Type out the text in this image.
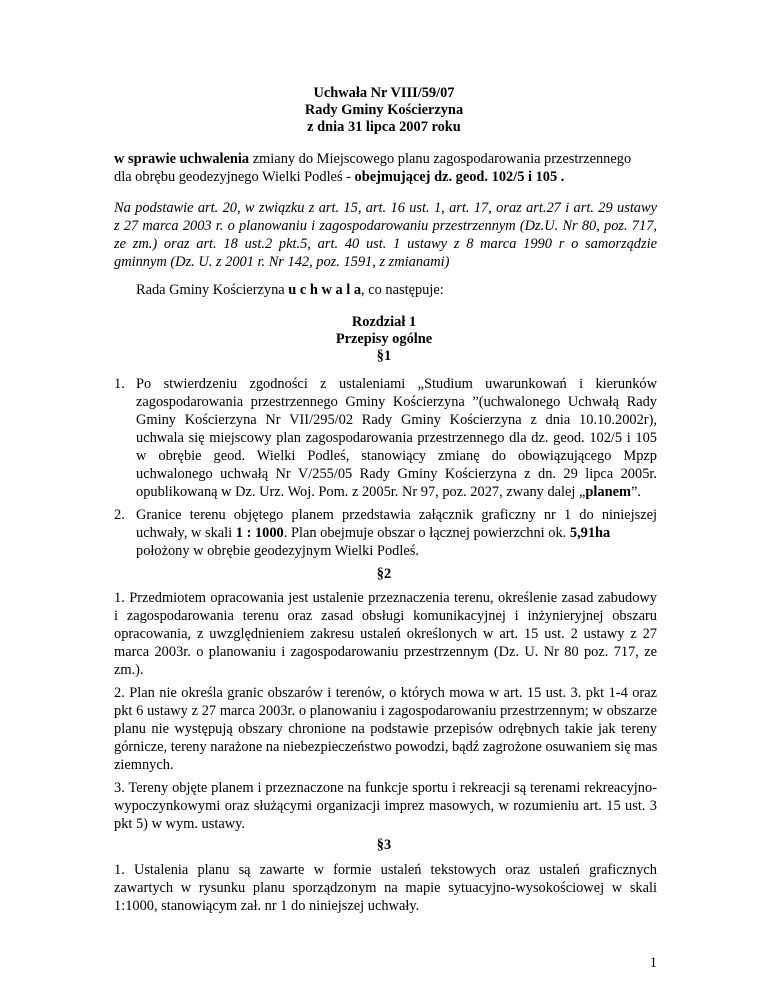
Uchwała Nr VIII/59/07
Rady Gminy Kościerzyna
z dnia 31 lipca 2007 roku
w sprawie uchwalenia zmiany do Miejscowego planu zagospodarowania przestrzennego
dla obrębu geodezyjnego Wielki Podleś - obejmującej dz. geod. 102/5 i 105 .
Na podstawie art. 20, w związku z art. 15, art. 16 ust. 1, art. 17, oraz art.27 i art. 29 ustawy
z 27 marca 2003 r. o planowaniu i zagospodarowaniu przestrzennym (Dz.U. Nr 80, poz. 717,
ze zm.) oraz art. 18 ust.2 pkt.5, art. 40 ust. 1 ustawy z 8 marca 1990 r o samorządzie
gminnym (Dz. U. z 2001 r. Nr 142, poz. 1591, z zmianami)
Rada Gminy Kościerzyna u c h w a l a, co następuje:
Rozdział 1
Przepisy ogólne
§1
1. Po stwierdzeniu zgodności z ustaleniami „Studium uwarunkowań i kierunków
zagospodarowania przestrzennego Gminy Kościerzyna ”(uchwalonego Uchwałą Rady
Gminy Kościerzyna Nr VII/295/02 Rady Gminy Kościerzyna z dnia 10.10.2002r),
uchwala się miejscowy plan zagospodarowania przestrzennego dla dz. geod. 102/5 i 105
w obrębie geod. Wielki Podleś, stanowiący zmianę do obowiązującego Mpzp
uchwalonego uchwałą Nr V/255/05 Rady Gminy Kościerzyna z dn. 29 lipca 2005r.
opublikowaną w Dz. Urz. Woj. Pom. z 2005r. Nr 97, poz. 2027, zwany dalej „planem”.
2. Granice terenu objętego planem przedstawia załącznik graficzny nr 1 do niniejszej
uchwały, w skali 1 : 1000. Plan obejmuje obszar o łącznej powierzchni ok. 5,91ha
położony w obrębie geodezyjnym Wielki Podleś.
§2
1. Przedmiotem opracowania jest ustalenie przeznaczenia terenu, określenie zasad zabudowy
i zagospodarowania terenu oraz zasad obsługi komunikacyjnej i inżynieryjnej obszaru
opracowania, z uwzględnieniem zakresu ustaleń określonych w art. 15 ust. 2 ustawy z 27
marca 2003r. o planowaniu i zagospodarowaniu przestrzennym (Dz. U. Nr 80 poz. 717, ze
zm.).
2. Plan nie określa granic obszarów i terenów, o których mowa w art. 15 ust. 3. pkt 1-4 oraz
pkt 6 ustawy z 27 marca 2003r. o planowaniu i zagospodarowaniu przestrzennym; w obszarze
planu nie występują obszary chronione na podstawie przepisów odrębnych takie jak tereny
górnicze, tereny narażone na niebezpieczeństwo powodzi, bądź zagrożone osuwaniem się mas
ziemnych.
3. Tereny objęte planem i przeznaczone na funkcje sportu i rekreacji są terenami rekreacyjno-
wypoczynkowymi oraz służącymi organizacji imprez masowych, w rozumieniu art. 15 ust. 3
pkt 5) w wym. ustawy.
§3
1. Ustalenia planu są zawarte w formie ustaleń tekstowych oraz ustaleń graficznych
zawartych w rysunku planu sporządzonym na mapie sytuacyjno-wysokościowej w skali
1:1000, stanowiącym zał. nr 1 do niniejszej uchwały.
1
